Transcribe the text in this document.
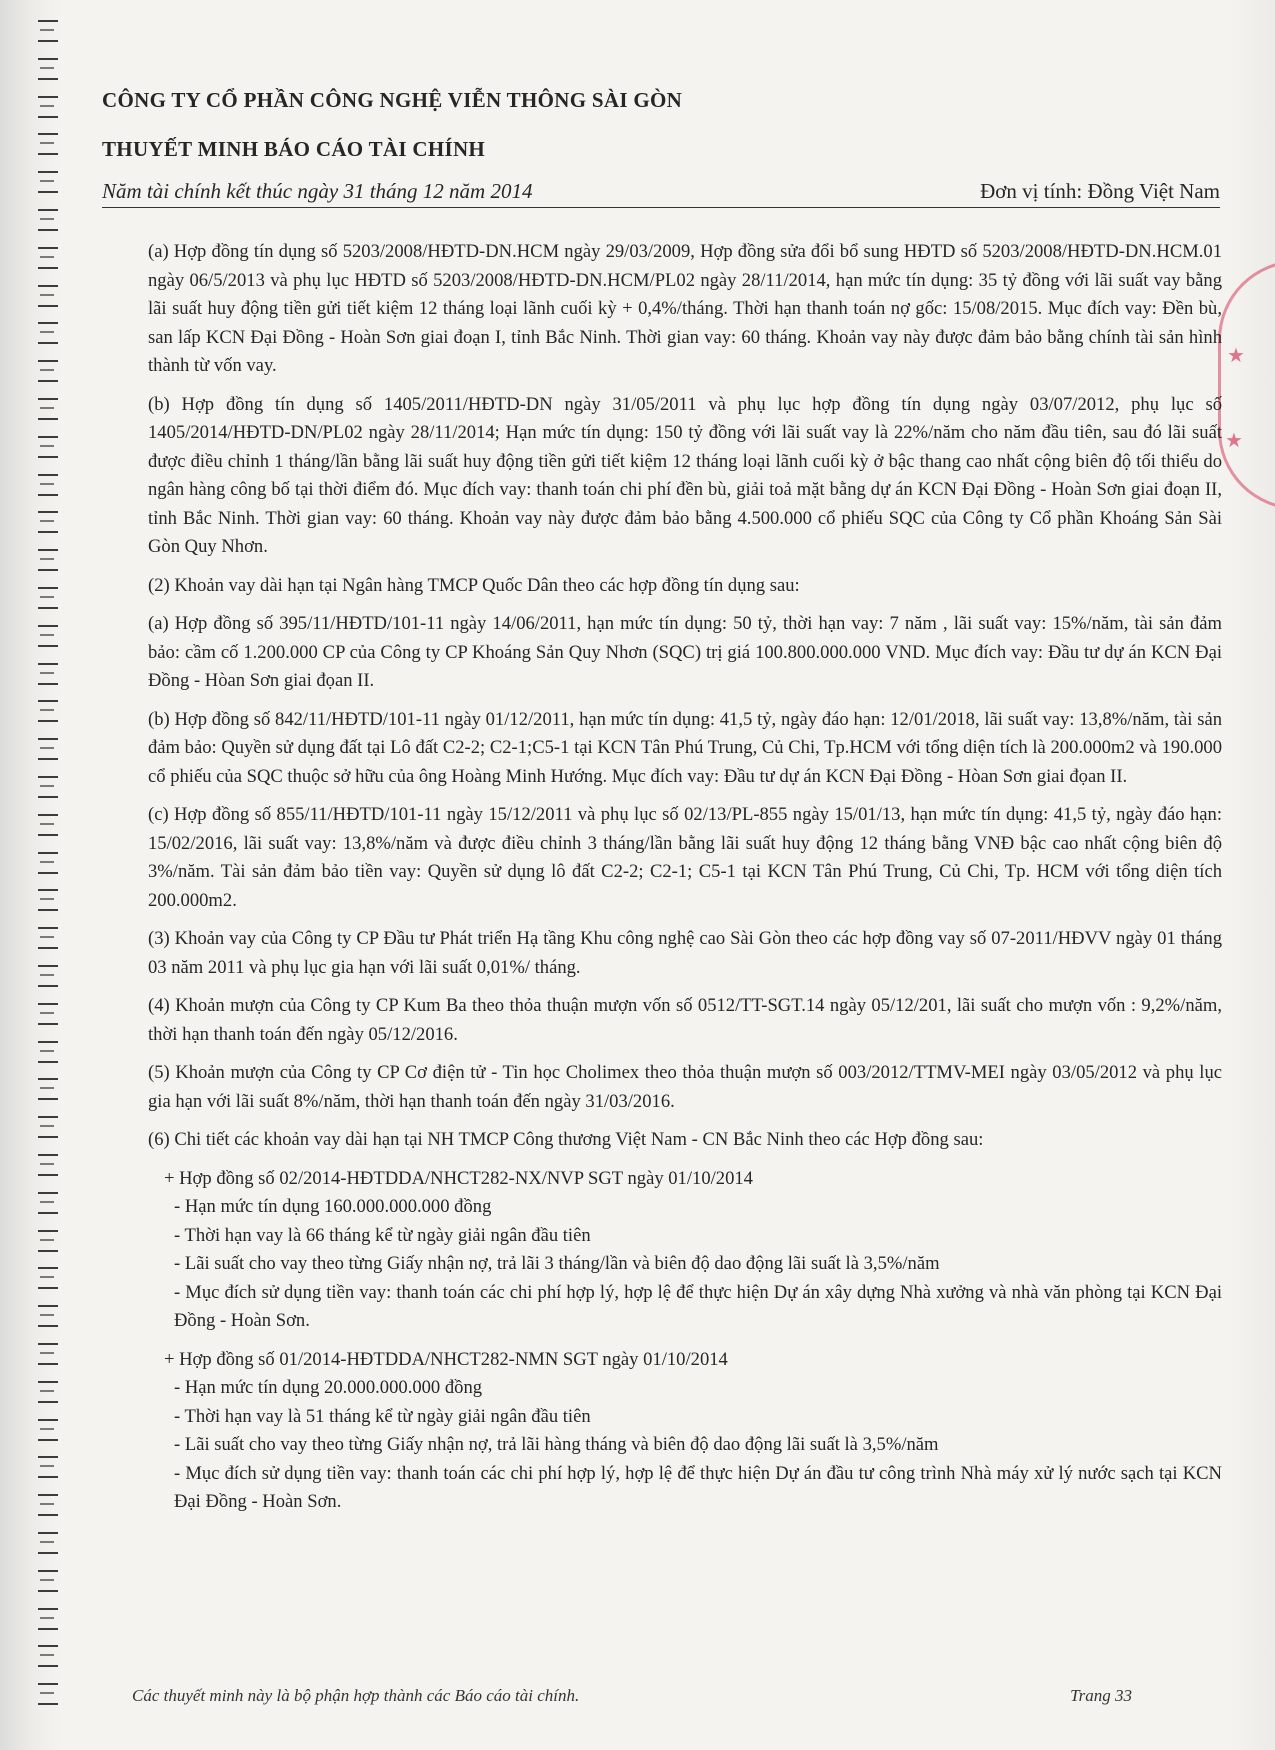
★
★
CÔNG TY CỔ PHẦN CÔNG NGHỆ VIỄN THÔNG SÀI GÒN
THUYẾT MINH BÁO CÁO TÀI CHÍNH
Năm tài chính kết thúc ngày 31 tháng 12 năm 2014	Đơn vị tính: Đồng Việt Nam

(a) Hợp đồng tín dụng số 5203/2008/HĐTD-DN.HCM ngày 29/03/2009, Hợp đồng sửa đổi bổ sung HĐTD số 5203/2008/HĐTD-DN.HCM.01 ngày 06/5/2013 và phụ lục HĐTD số 5203/2008/HĐTD-DN.HCM/PL02 ngày 28/11/2014, hạn mức tín dụng: 35 tỷ đồng với lãi suất vay bằng lãi suất huy động tiền gửi tiết kiệm 12 tháng loại lãnh cuối kỳ + 0,4%/tháng. Thời hạn thanh toán nợ gốc: 15/08/2015. Mục đích vay: Đền bù, san lấp KCN Đại Đồng - Hoàn Sơn giai đoạn I, tỉnh Bắc Ninh. Thời gian vay: 60 tháng. Khoản vay này được đảm bảo bằng chính tài sản hình thành từ vốn vay.

(b) Hợp đồng tín dụng số 1405/2011/HĐTD-DN ngày 31/05/2011 và phụ lục hợp đồng tín dụng ngày 03/07/2012, phụ lục số 1405/2014/HĐTD-DN/PL02 ngày 28/11/2014; Hạn mức tín dụng: 150 tỷ đồng với lãi suất vay là 22%/năm cho năm đầu tiên, sau đó lãi suất được điều chỉnh 1 tháng/lần bằng lãi suất huy động tiền gửi tiết kiệm 12 tháng loại lãnh cuối kỳ ở bậc thang cao nhất cộng biên độ tối thiểu do ngân hàng công bố tại thời điểm đó. Mục đích vay: thanh toán chi phí đền bù, giải toả mặt bằng dự án KCN Đại Đồng - Hoàn Sơn giai đoạn II, tỉnh Bắc Ninh. Thời gian vay: 60 tháng. Khoản vay này được đảm bảo bằng 4.500.000 cổ phiếu SQC của Công ty Cổ phần Khoáng Sản Sài Gòn Quy Nhơn.

(2) Khoản vay dài hạn tại Ngân hàng TMCP Quốc Dân theo các hợp đồng tín dụng sau:

(a) Hợp đồng số 395/11/HĐTD/101-11 ngày 14/06/2011, hạn mức tín dụng: 50 tỷ, thời hạn vay: 7 năm , lãi suất vay: 15%/năm, tài sản đảm bảo: cầm cố 1.200.000 CP của Công ty CP Khoáng Sản Quy Nhơn (SQC) trị giá 100.800.000.000 VND. Mục đích vay: Đầu tư dự án KCN Đại Đồng - Hòan Sơn giai đọan II.

(b) Hợp đồng số 842/11/HĐTD/101-11 ngày 01/12/2011, hạn mức tín dụng: 41,5 tỷ, ngày đáo hạn: 12/01/2018, lãi suất vay: 13,8%/năm, tài sản đảm bảo: Quyền sử dụng đất tại Lô đất C2-2; C2-1;C5-1 tại KCN Tân Phú Trung, Củ Chi, Tp.HCM với tổng diện tích là 200.000m2 và 190.000 cổ phiếu của SQC thuộc sở hữu của ông Hoàng Minh Hướng. Mục đích vay: Đầu tư dự án KCN Đại Đồng - Hòan Sơn giai đọan II.

(c) Hợp đồng số 855/11/HĐTD/101-11 ngày 15/12/2011 và phụ lục số 02/13/PL-855 ngày 15/01/13, hạn mức tín dụng: 41,5 tỷ, ngày đáo hạn: 15/02/2016, lãi suất vay: 13,8%/năm và được điều chỉnh 3 tháng/lần bằng lãi suất huy động 12 tháng bằng VNĐ bậc cao nhất cộng biên độ 3%/năm. Tài sản đảm bảo tiền vay: Quyền sử dụng lô đất C2-2; C2-1; C5-1 tại KCN Tân Phú Trung, Củ Chi, Tp. HCM với tổng diện tích 200.000m2.

(3) Khoản vay của Công ty CP Đầu tư Phát triển Hạ tầng Khu công nghệ cao Sài Gòn theo các hợp đồng vay số 07-2011/HĐVV ngày 01 tháng 03 năm 2011 và phụ lục gia hạn với lãi suất 0,01%/ tháng.

(4) Khoản mượn của Công ty CP Kum Ba theo thỏa thuận mượn vốn số 0512/TT-SGT.14 ngày 05/12/201, lãi suất cho mượn vốn : 9,2%/năm, thời hạn thanh toán đến ngày 05/12/2016.

(5) Khoản mượn của Công ty CP Cơ điện tử - Tin học Cholimex theo thỏa thuận mượn số 003/2012/TTMV-MEI ngày 03/05/2012 và phụ lục gia hạn với lãi suất 8%/năm, thời hạn thanh toán đến ngày 31/03/2016.

(6) Chi tiết các khoản vay dài hạn tại NH TMCP Công thương Việt Nam - CN Bắc Ninh theo các Hợp đồng sau:

+ Hợp đồng số 02/2014-HĐTDDA/NHCT282-NX/NVP SGT ngày 01/10/2014

- Hạn mức tín dụng 160.000.000.000 đồng

- Thời hạn vay là 66 tháng kể từ ngày giải ngân đầu tiên

- Lãi suất cho vay theo từng Giấy nhận nợ, trả lãi 3 tháng/lần và biên độ dao động lãi suất là 3,5%/năm

- Mục đích sử dụng tiền vay: thanh toán các chi phí hợp lý, hợp lệ để thực hiện Dự án xây dựng Nhà xưởng và nhà văn phòng tại KCN Đại Đồng - Hoàn Sơn.

+ Hợp đồng số 01/2014-HĐTDDA/NHCT282-NMN SGT ngày 01/10/2014

- Hạn mức tín dụng 20.000.000.000 đồng

- Thời hạn vay là 51 tháng kể từ ngày giải ngân đầu tiên

- Lãi suất cho vay theo từng Giấy nhận nợ, trả lãi hàng tháng và biên độ dao động lãi suất là 3,5%/năm

- Mục đích sử dụng tiền vay: thanh toán các chi phí hợp lý, hợp lệ để thực hiện Dự án đầu tư công trình Nhà máy xử lý nước sạch tại KCN Đại Đồng - Hoàn Sơn.

Các thuyết minh này là bộ phận hợp thành các Báo cáo tài chính.	Trang 33
